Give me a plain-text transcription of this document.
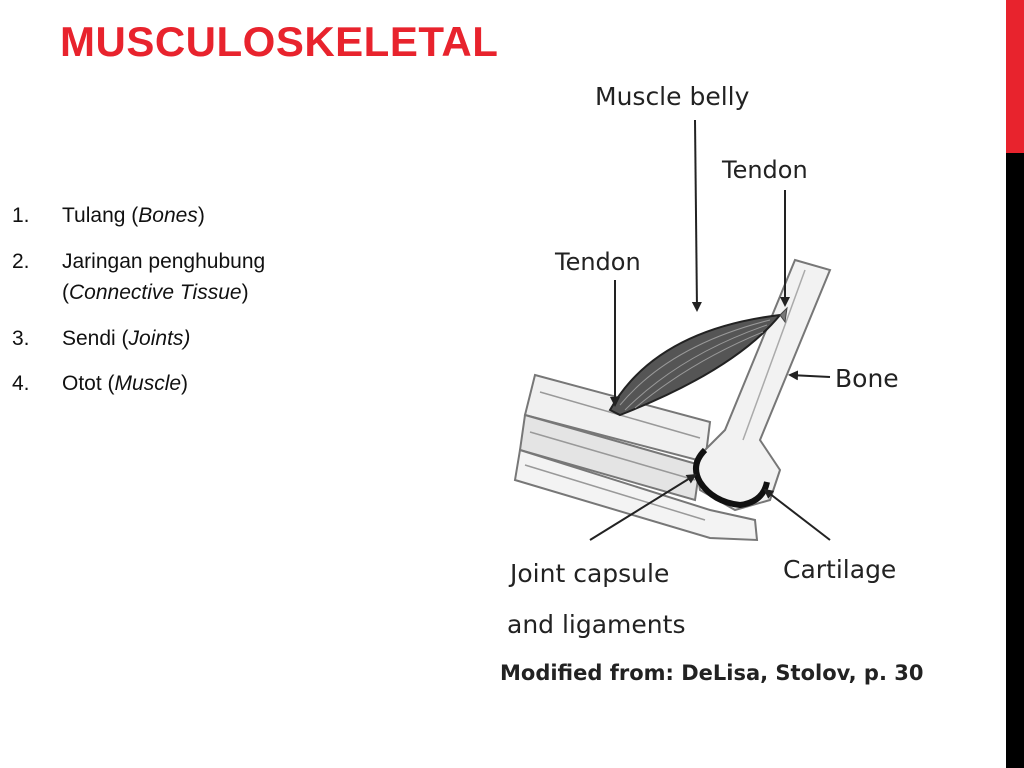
MUSCULOSKELETAL
1.	Tulang (Bones)
2.	Jaringan penghubung (Connective Tissue)
3.	Sendi (Joints)
4.	Otot (Muscle)
Muscle belly
Tendon
Tendon
Bone
Joint capsule
and ligaments
Cartilage
Modified from: DeLisa, Stolov, p. 30
